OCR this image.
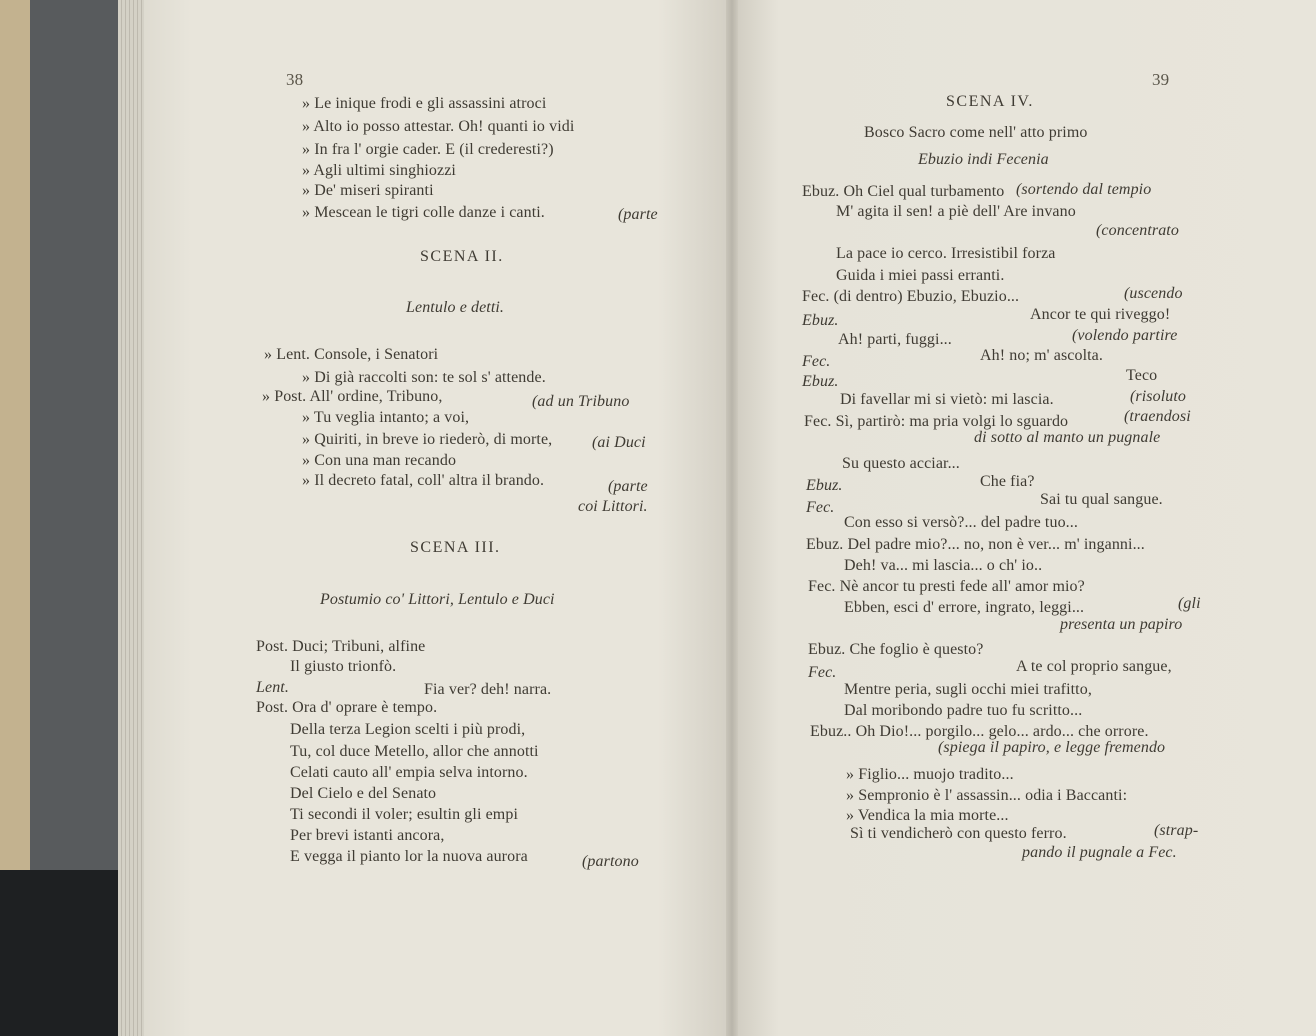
38
» Le inique frodi e gli assassini atroci
» Alto io posso attestar. Oh! quanti io vidi
» In fra l' orgie cader. E (il crederesti?)
» Agli ultimi singhiozzi
» De' miseri spiranti
» Mescean le tigri colle danze i canti.	(parte
SCENA II.
Lentulo e detti.
» Lent. Console, i Senatori
» Di già raccolti son: te sol s' attende.
» Post. All' ordine, Tribuno,	(ad un Tribuno
» Tu veglia intanto; a voi,
» Quiriti, in breve io riederò, di morte, (ai Duci
» Con una man recando
» Il decreto fatal, coll' altra il brando.	(parte
coi Littori.
SCENA III.
Postumio co' Littori, Lentulo e Duci
Post. Duci; Tribuni, alfine
Il giusto trionfò.
Lent.	Fia ver? deh! narra.
Post. Ora d' oprare è tempo.
Della terza Legion scelti i più prodi,
Tu, col duce Metello, allor che annotti
Celati cauto all' empia selva intorno.
Del Cielo e del Senato
Ti secondi il voler; esultin gli empi
Per brevi istanti ancora,
E vegga il pianto lor la nuova aurora	(partono
39
SCENA IV.
Bosco Sacro come nell' atto primo
Ebuzio indi Fecenia
Ebuz. Oh Ciel qual turbamento (sortendo dal tempio
M' agita il sen! a piè dell' Are invano
(concentrato
La pace io cerco. Irresistibil forza
Guida i miei passi erranti.
Fec. (di dentro) Ebuzio, Ebuzio...	(uscendo
Ebuz.	Ancor te qui riveggo!
Ah! parti, fuggi...	(volendo partire
Fec.	Ah! no; m' ascolta.
Ebuz.	Teco
Di favellar mi si vietò: mi lascia.	(risoluto
Fec. Sì, partirò: ma pria volgi lo sguardo	(traendosi
di sotto al manto un pugnale
Su questo acciar...
Ebuz.	Che fia?
Fec.	Sai tu qual sangue.
Con esso si versò?... del padre tuo...
Ebuz. Del padre mio?... no, non è ver... m' inganni...
Deh! va... mi lascia... o ch' io..
Fec. Nè ancor tu presti fede all' amor mio?
Ebben, esci d' errore, ingrato, leggi...	(gli
presenta un papiro
Ebuz. Che foglio è questo?
Fec.	A te col proprio sangue,
Mentre peria, sugli occhi miei trafitto,
Dal moribondo padre tuo fu scritto...
Ebuz.. Oh Dio!... porgilo... gelo... ardo... che orrore.
(spiega il papiro, e legge fremendo
» Figlio... muojo tradito...
» Sempronio è l' assassin... odia i Baccanti:
» Vendica la mia morte...
Sì ti vendicherò con questo ferro.	(strap-
pando il pugnale a Fec.
